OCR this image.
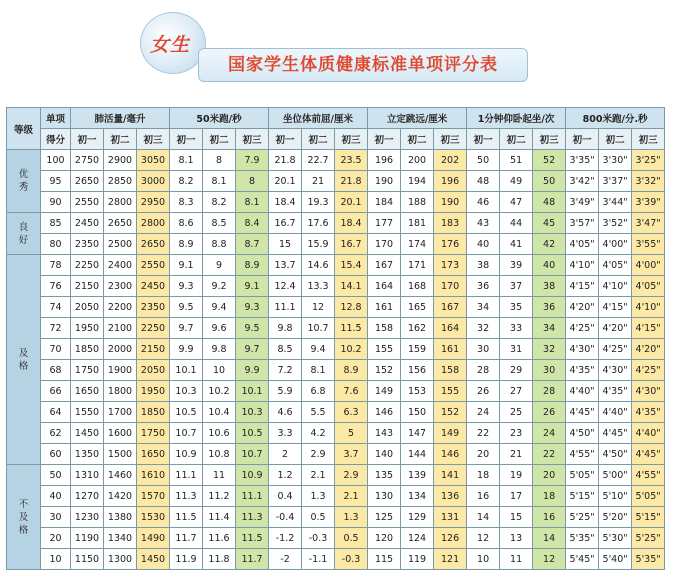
女生
国家学生体质健康标准单项评分表
等级	单项	肺活量/毫升			50米跑/秒			坐位体前屈/厘米			立定跳远/厘米			1分钟仰卧起坐/次			800米跑/分.秒		
	得分	初一	初二	初三	初一	初二	初三	初一	初二	初三	初一	初二	初三	初一	初二	初三	初一	初二	初三

优
秀	100	2750	2900	3050	8.1	8	7.9	21.8	22.7	23.5	196	200	202	50	51	52	3'35"	3'30"	3'25"
	95	2650	2850	3000	8.2	8.1	8	20.1	21	21.8	190	194	196	48	49	50	3'42"	3'37"	3'32"
	90	2550	2800	2950	8.3	8.2	8.1	18.4	19.3	20.1	184	188	190	46	47	48	3'49"	3'44"	3'39"

良
好	85	2450	2650	2800	8.6	8.5	8.4	16.7	17.6	18.4	177	181	183	43	44	45	3'57"	3'52"	3'47"
	80	2350	2500	2650	8.9	8.8	8.7	15	15.9	16.7	170	174	176	40	41	42	4'05"	4'00"	3'55"

及
格	78	2250	2400	2550	9.1	9	8.9	13.7	14.6	15.4	167	171	173	38	39	40	4'10"	4'05"	4'00"
	76	2150	2300	2450	9.3	9.2	9.1	12.4	13.3	14.1	164	168	170	36	37	38	4'15"	4'10"	4'05"
	74	2050	2200	2350	9.5	9.4	9.3	11.1	12	12.8	161	165	167	34	35	36	4'20"	4'15"	4'10"
	72	1950	2100	2250	9.7	9.6	9.5	9.8	10.7	11.5	158	162	164	32	33	34	4'25"	4'20"	4'15"
	70	1850	2000	2150	9.9	9.8	9.7	8.5	9.4	10.2	155	159	161	30	31	32	4'30"	4'25"	4'20"
	68	1750	1900	2050	10.1	10	9.9	7.2	8.1	8.9	152	156	158	28	29	30	4'35"	4'30"	4'25"
	66	1650	1800	1950	10.3	10.2	10.1	5.9	6.8	7.6	149	153	155	26	27	28	4'40"	4'35"	4'30"
	64	1550	1700	1850	10.5	10.4	10.3	4.6	5.5	6.3	146	150	152	24	25	26	4'45"	4'40"	4'35"
	62	1450	1600	1750	10.7	10.6	10.5	3.3	4.2	5	143	147	149	22	23	24	4'50"	4'45"	4'40"
	60	1350	1500	1650	10.9	10.8	10.7	2	2.9	3.7	140	144	146	20	21	22	4'55"	4'50"	4'45"

不
及
格	50	1310	1460	1610	11.1	11	10.9	1.2	2.1	2.9	135	139	141	18	19	20	5'05"	5'00"	4'55"
	40	1270	1420	1570	11.3	11.2	11.1	0.4	1.3	2.1	130	134	136	16	17	18	5'15"	5'10"	5'05"
	30	1230	1380	1530	11.5	11.4	11.3	-0.4	0.5	1.3	125	129	131	14	15	16	5'25"	5'20"	5'15"
	20	1190	1340	1490	11.7	11.6	11.5	-1.2	-0.3	0.5	120	124	126	12	13	14	5'35"	5'30"	5'25"
	10	1150	1300	1450	11.9	11.8	11.7	-2	-1.1	-0.3	115	119	121	10	11	12	5'45"	5'40"	5'35"
